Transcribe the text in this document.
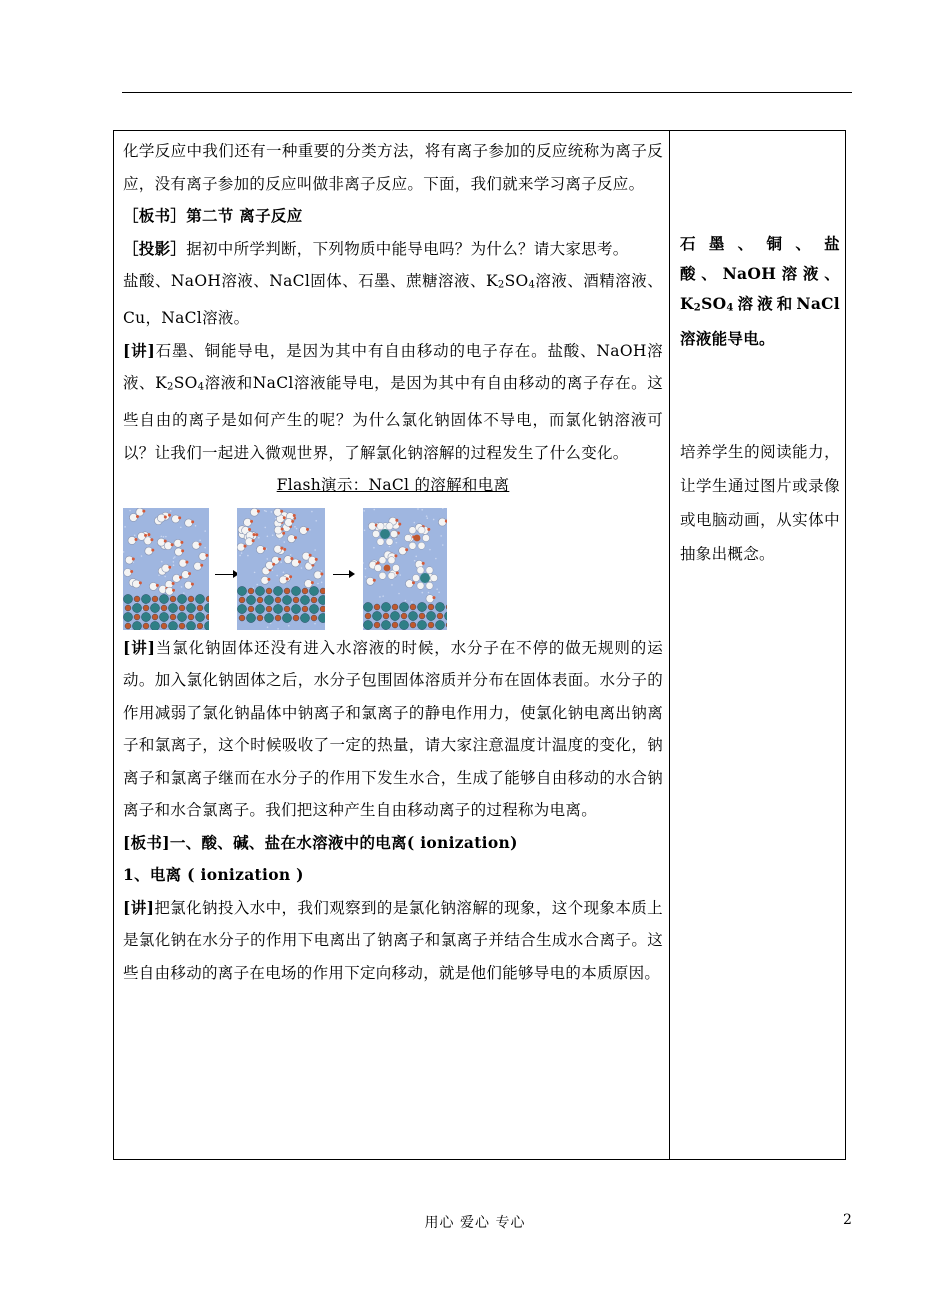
化学反应中我们还有一种重要的分类方法，将有离子参加的反应统称为离子反应，没有离子参加的反应叫做非离子反应。下面，我们就来学习离子反应。

［板书］第二节 离子反应

［投影］据初中所学判断，下列物质中能导电吗？为什么？请大家思考。

盐酸、NaOH溶液、NaCl固体、石墨、蔗糖溶液、$K_2SO_4$溶液、酒精溶液、Cu，NaCl溶液。

[讲]石墨、铜能导电，是因为其中有自由移动的电子存在。盐酸、NaOH溶液、$K_2SO_4$溶液和NaCl溶液能导电，是因为其中有自由移动的离子存在。这些自由的离子是如何产生的呢？为什么氯化钠固体不导电，而氯化钠溶液可以？让我们一起进入微观世界，了解氯化钠溶解的过程发生了什么变化。

Flash演示：NaCl 的溶解和电离

[讲]当氯化钠固体还没有进入水溶液的时候，水分子在不停的做无规则的运动。加入氯化钠固体之后，水分子包围固体溶质并分布在固体表面。水分子的作用减弱了氯化钠晶体中钠离子和氯离子的静电作用力，使氯化钠电离出钠离子和氯离子，这个时候吸收了一定的热量，请大家注意温度计温度的变化，钠离子和氯离子继而在水分子的作用下发生水合，生成了能够自由移动的水合钠离子和水合氯离子。我们把这种产生自由移动离子的过程称为电离。

[板书]一、酸、碱、盐在水溶液中的电离( ionization)

1、电离 ( ionization )

[讲]把氯化钠投入水中，我们观察到的是氯化钠溶解的现象，这个现象本质上是氯化钠在水分子的作用下电离出了钠离子和氯离子并结合生成水合离子。这些自由移动的离子在电场的作用下定向移动，就是他们能够导电的本质原因。

石 墨 、 铜 、 盐 酸、NaOH溶液、$K_2SO_4$溶液和NaCl溶液能导电。
培养学生的阅读能力，让学生通过图片或录像或电脑动画，从实体中抽象出概念。
用心 爱心 专心	2
